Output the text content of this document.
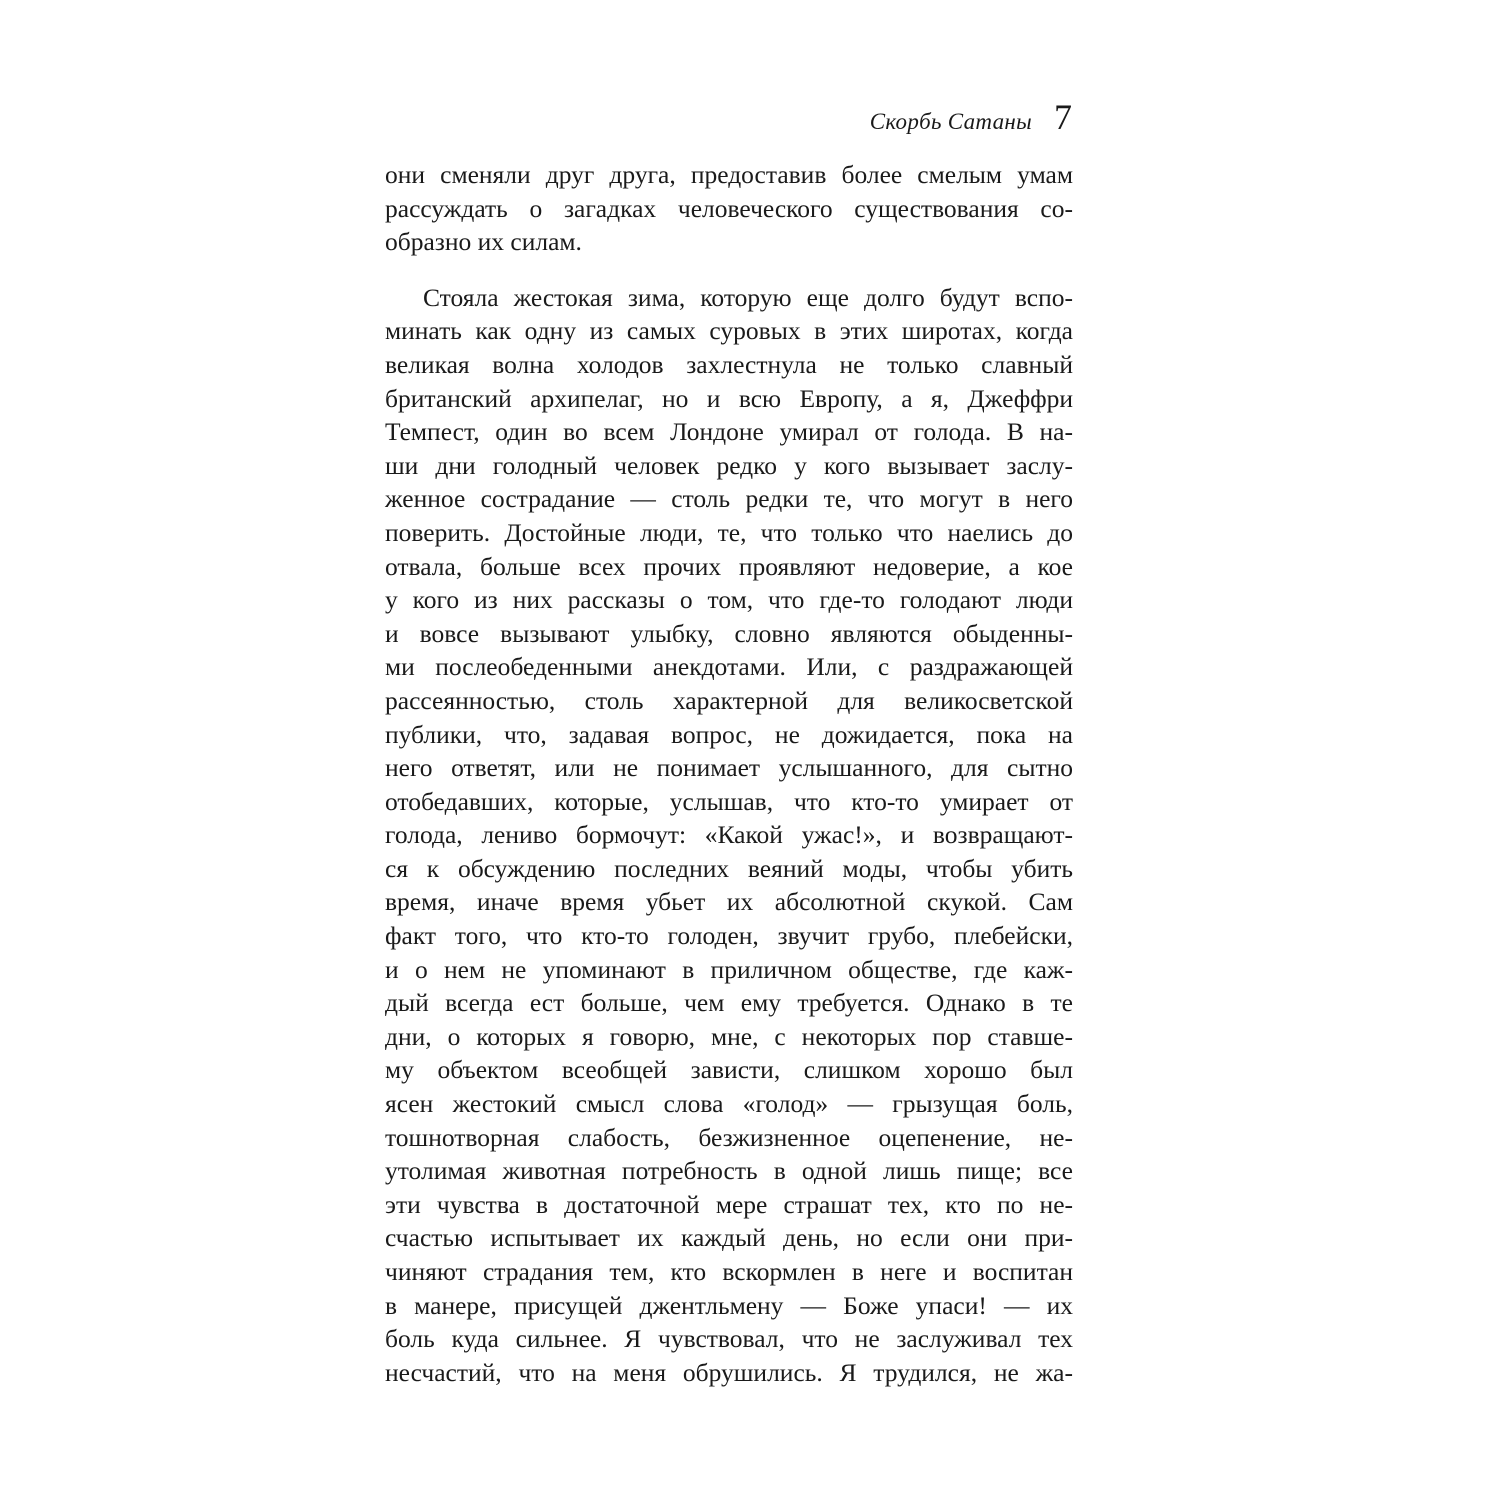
Скорбь Сатаны 7
они сменяли друг друга, предоставив более смелым умам
рассуждать о загадках человеческого существования со-
образно их силам.
Стояла жестокая зима, которую еще долго будут вспо-
минать как одну из самых суровых в этих широтах, когда
великая волна холодов захлестнула не только славный
британский архипелаг, но и всю Европу, а я, Джеффри
Темпест, один во всем Лондоне умирал от голода. В на-
ши дни голодный человек редко у кого вызывает заслу-
женное сострадание — столь редки те, что могут в него
поверить. Достойные люди, те, что только что наелись до
отвала, больше всех прочих проявляют недоверие, а кое
у кого из них рассказы о том, что где-то голодают люди
и вовсе вызывают улыбку, словно являются обыденны-
ми послеобеденными анекдотами. Или, с раздражающей
рассеянностью, столь характерной для великосветской
публики, что, задавая вопрос, не дожидается, пока на
него ответят, или не понимает услышанного, для сытно
отобедавших, которые, услышав, что кто-то умирает от
голода, лениво бормочут: «Какой ужас!», и возвращают-
ся к обсуждению последних веяний моды, чтобы убить
время, иначе время убьет их абсолютной скукой. Сам
факт того, что кто-то голоден, звучит грубо, плебейски,
и о нем не упоминают в приличном обществе, где каж-
дый всегда ест больше, чем ему требуется. Однако в те
дни, о которых я говорю, мне, с некоторых пор ставше-
му объектом всеобщей зависти, слишком хорошо был
ясен жестокий смысл слова «голод» — грызущая боль,
тошнотворная слабость, безжизненное оцепенение, не-
утолимая животная потребность в одной лишь пище; все
эти чувства в достаточной мере страшат тех, кто по не-
счастью испытывает их каждый день, но если они при-
чиняют страдания тем, кто вскормлен в неге и воспитан
в манере, присущей джентльмену — Боже упаси! — их
боль куда сильнее. Я чувствовал, что не заслуживал тех
несчастий, что на меня обрушились. Я трудился, не жа-
